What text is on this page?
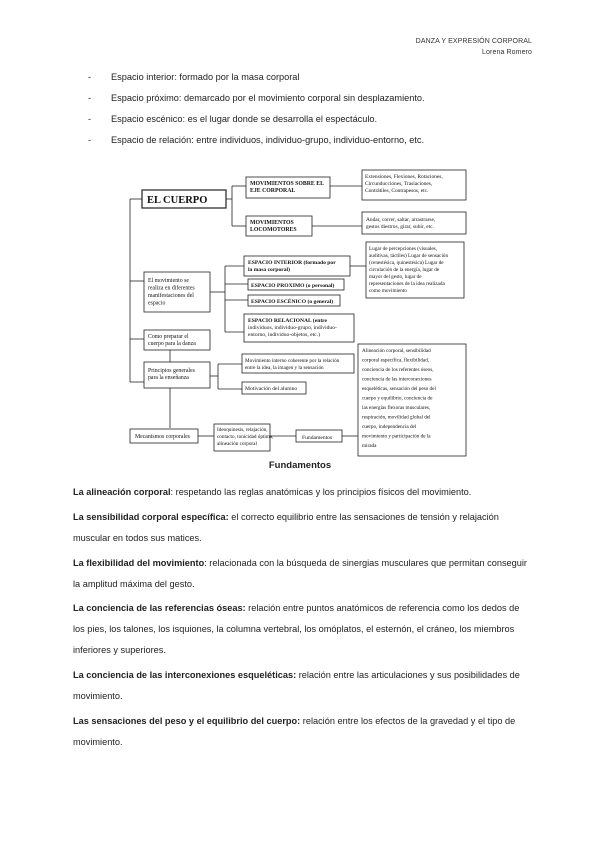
DANZA Y EXPRESIÓN CORPORAL
Lorena Romero
- Espacio interior: formado por la masa corporal
- Espacio próximo: demarcado por el movimiento corporal sin desplazamiento.
- Espacio escénico: es el lugar donde se desarrolla el espectáculo.
- Espacio de relación: entre individuos, individuo-grupo, individuo-entorno, etc.
EL CUERPO
MOVIMIENTOS SOBRE EL EJE CORPORAL
Extensiones, Flexiones, Rotaciones, Circunducciones, Traslaciones, Contrátiles, Contrapesos, etc.
MOVIMIENTOS LOCOMOTORES
Andar, correr, saltar, arrastrarse, gestos diestros, girar, subir, etc.
El movimiento se realiza en diferentes manifestaciones del espacio
ESPACIO INTERIOR (formado por la masa corporal)
Lugar de percepciones (visuales, auditivas, táctiles) Lugar de sensación (cenestésica, quinestésica) Lugar de circulación de la energía, lugar de mayor del gesto, lugar de representaciones de la idea realizada como movimiento
ESPACIO PROXIMO (o personal)
ESPACIO ESCÉNICO (o general)
ESPACIO RELACIONAL (entre individuos, individuo-grupo, individuo- entorno, individuo-objetos, etc.)
Como preparar el cuerpo para la danza
Principios generales para la enseñanza
Movimiento interno coherente por la relación entre la idea, la imagen y la sensación
Motivación del alumno
Mecanismos corporales
Ideoquinesis, relajación, contacto, tonicidad óptima, alineación corporal
Fundamentos
Alineación corporal, sensibilidad corporal específica, flexibilidad, conciencia de los referentes óseos, conciencia de las interconexiones esqueléticas, sensación del peso del cuerpo y equilibrio, conciencia de las energías flexoras musculares, respiración, movilidad global del cuerpo, independencia del movimiento y participación de la mirada
Fundamentos
La alineación corporal: respetando las reglas anatómicas y los principios físicos del movimiento.
La sensibilidad corporal específica: el correcto equilibrio entre las sensaciones de tensión y relajación muscular en todos sus matices.
La flexibilidad del movimiento: relacionada con la búsqueda de sinergias musculares que permitan conseguir la amplitud máxima del gesto.
La conciencia de las referencias óseas: relación entre puntos anatómicos de referencia como los dedos de los pies, los talones, los isquiones, la columna vertebral, los omóplatos, el esternón, el cráneo, los miembros inferiores y superiores.
La conciencia de las interconexiones esqueléticas: relación entre las articulaciones y sus posibilidades de movimiento.
Las sensaciones del peso y el equilibrio del cuerpo: relación entre los efectos de la gravedad y el tipo de movimiento.
